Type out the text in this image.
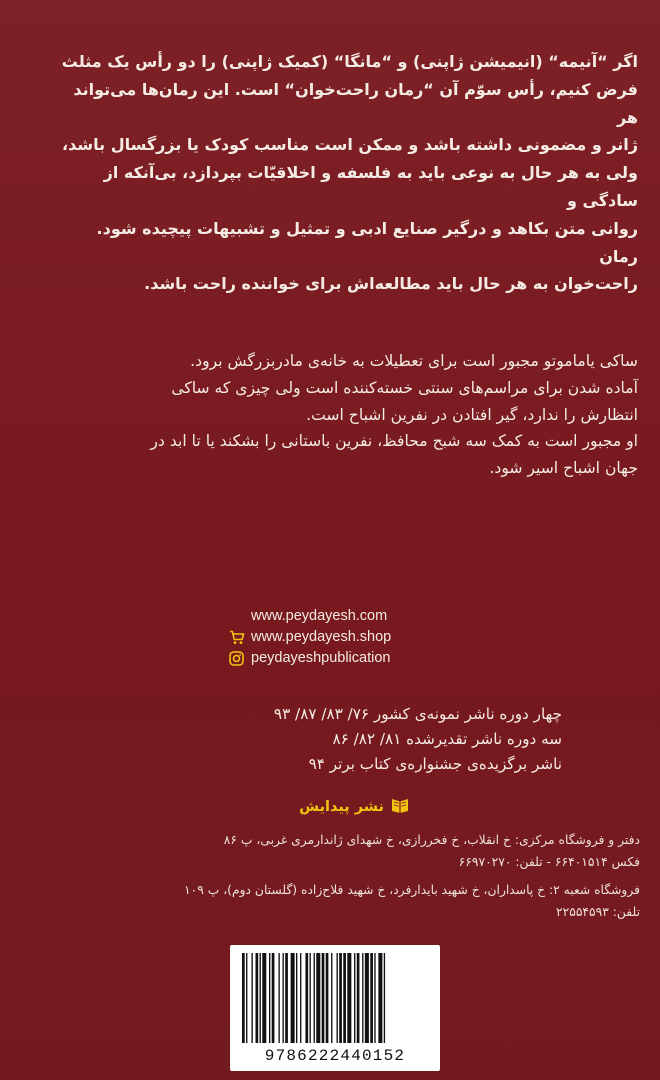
اگر “آنیمه“ (انیمیشن ژاپنی) و “مانگا“ (کمیک ژاپنی) را دو رأس یک مثلث

فرض کنیم، رأس سوّم آن “رمان راحت‌خوان“ است. این رمان‌ها می‌تواند هر

ژانر و مضمونی داشته باشد و ممکن است مناسب کودک یا بزرگسال باشد،

ولی به هر حال به نوعی باید به فلسفه و اخلاقیّات بپردازد، بی‌آنکه از سادگی و

روانی متن بکاهد و درگیر صنایع ادبی و تمثیل و تشبیهات پیچیده شود. رمان

راحت‌خوان به هر حال باید مطالعه‌اش برای خواننده راحت باشد.

ساکی یاماموتو مجبور است برای تعطیلات به خانه‌ی مادربزرگش برود.

آماده شدن برای مراسم‌های سنتی خسته‌کننده است ولی چیزی که ساکی

انتظارش را ندارد، گیر افتادن در نفرین اشباح است.

او مجبور است به کمک سه شبح محافظ، نفرین باستانی را بشکند یا تا ابد در

جهان اشباح اسیر شود.

www.peydayesh.com
www.peydayesh.shop
peydayeshpublication

چهار دوره ناشر نمونه‌ی کشور ۷۶/ ۸۳/ ۸۷/ ۹۳

سه دوره ناشر تقدیرشده ۸۱/ ۸۲/ ۸۶

ناشر برگزیده‌ی جشنواره‌ی کتاب برتر ۹۴

نشر پیدایش

دفتر و فروشگاه مرکزی: خ انقلاب، خ فخررازی، خ شهدای ژاندارمری غربی، پ ۸۶

فکس ۶۶۴۰۱۵۱۴ - تلفن: ۶۶۹۷۰۲۷۰

فروشگاه شعبه ۲: خ پاسداران، خ شهید بایدارفرد، خ شهید فلاح‌زاده (گلستان دوم)، پ ۱۰۹

تلفن: ۲۲۵۵۴۵۹۳

9786222440152
